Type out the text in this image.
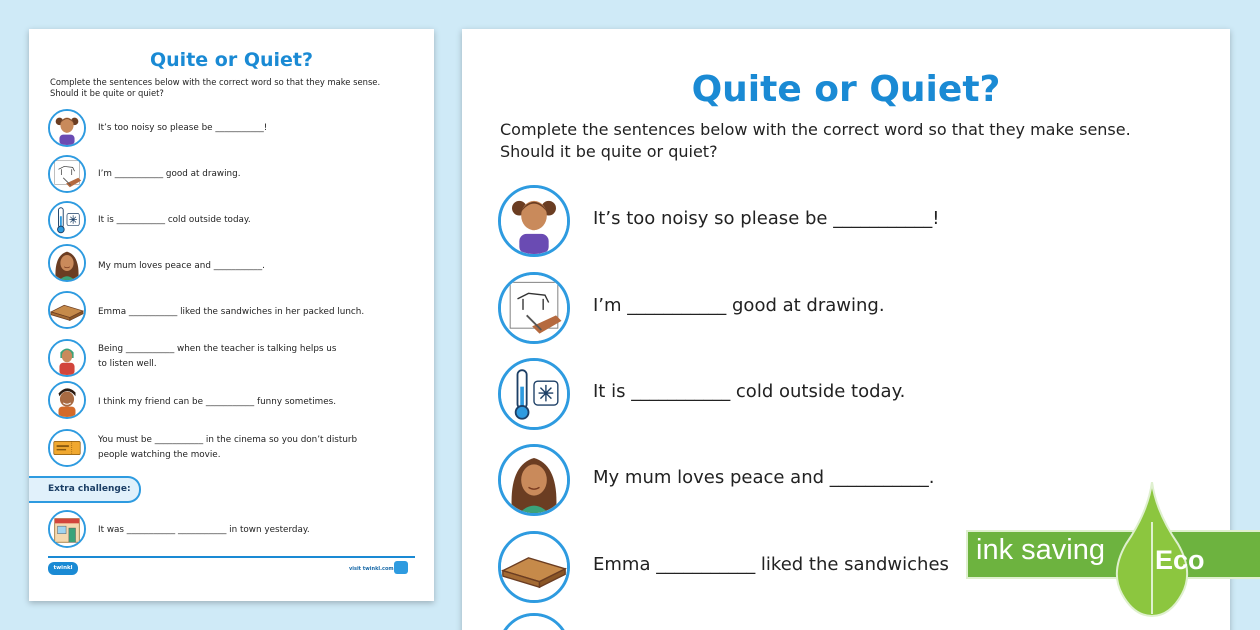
Quite or Quiet?
Complete the sentences below with the correct word so that they make sense.
Should it be quite or quiet?
It’s too noisy so please be ___________!
I’m ___________ good at drawing.
It is ___________ cold outside today.
My mum loves peace and ___________.
Emma ___________ liked the sandwiches in her packed lunch.
Being ___________ when the teacher is talking helps us
to listen well.
I think my friend can be ___________ funny sometimes.
You must be ___________ in the cinema so you don’t disturb
people watching the movie.
Extra challenge:
It was ___________ ___________ in town yesterday.
twinkl	visit twinkl.com
Quite or Quiet?
Complete the sentences below with the correct word so that they make sense.
Should it be quite or quiet?
It’s too noisy so please be ___________!
I’m ___________ good at drawing.
It is ___________ cold outside today.
My mum loves peace and ___________.
Emma ___________ liked the sandwiches ink saving Eco
